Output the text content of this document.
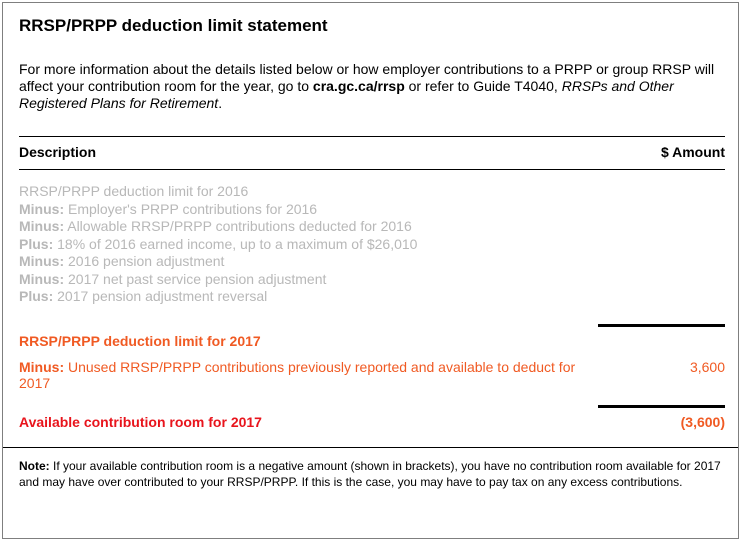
RRSP/PRPP deduction limit statement
For more information about the details listed below or how employer contributions to a PRPP or group RRSP will affect your contribution room for the year, go to cra.gc.ca/rrsp or refer to Guide T4040, RRSPs and Other Registered Plans for Retirement.
Description	$ Amount
RRSP/PRPP deduction limit for 2016
Minus: Employer's PRPP contributions for 2016
Minus: Allowable RRSP/PRPP contributions deducted for 2016
Plus: 18% of 2016 earned income, up to a maximum of $26,010
Minus: 2016 pension adjustment
Minus: 2017 net past service pension adjustment
Plus: 2017 pension adjustment reversal
RRSP/PRPP deduction limit for 2017
Minus: Unused RRSP/PRPP contributions previously reported and available to deduct for 2017
3,600
Available contribution room for 2017	(3,600)
Note: If your available contribution room is a negative amount (shown in brackets), you have no contribution room available for 2017 and may have over contributed to your RRSP/PRPP. If this is the case, you may have to pay tax on any excess contributions.
